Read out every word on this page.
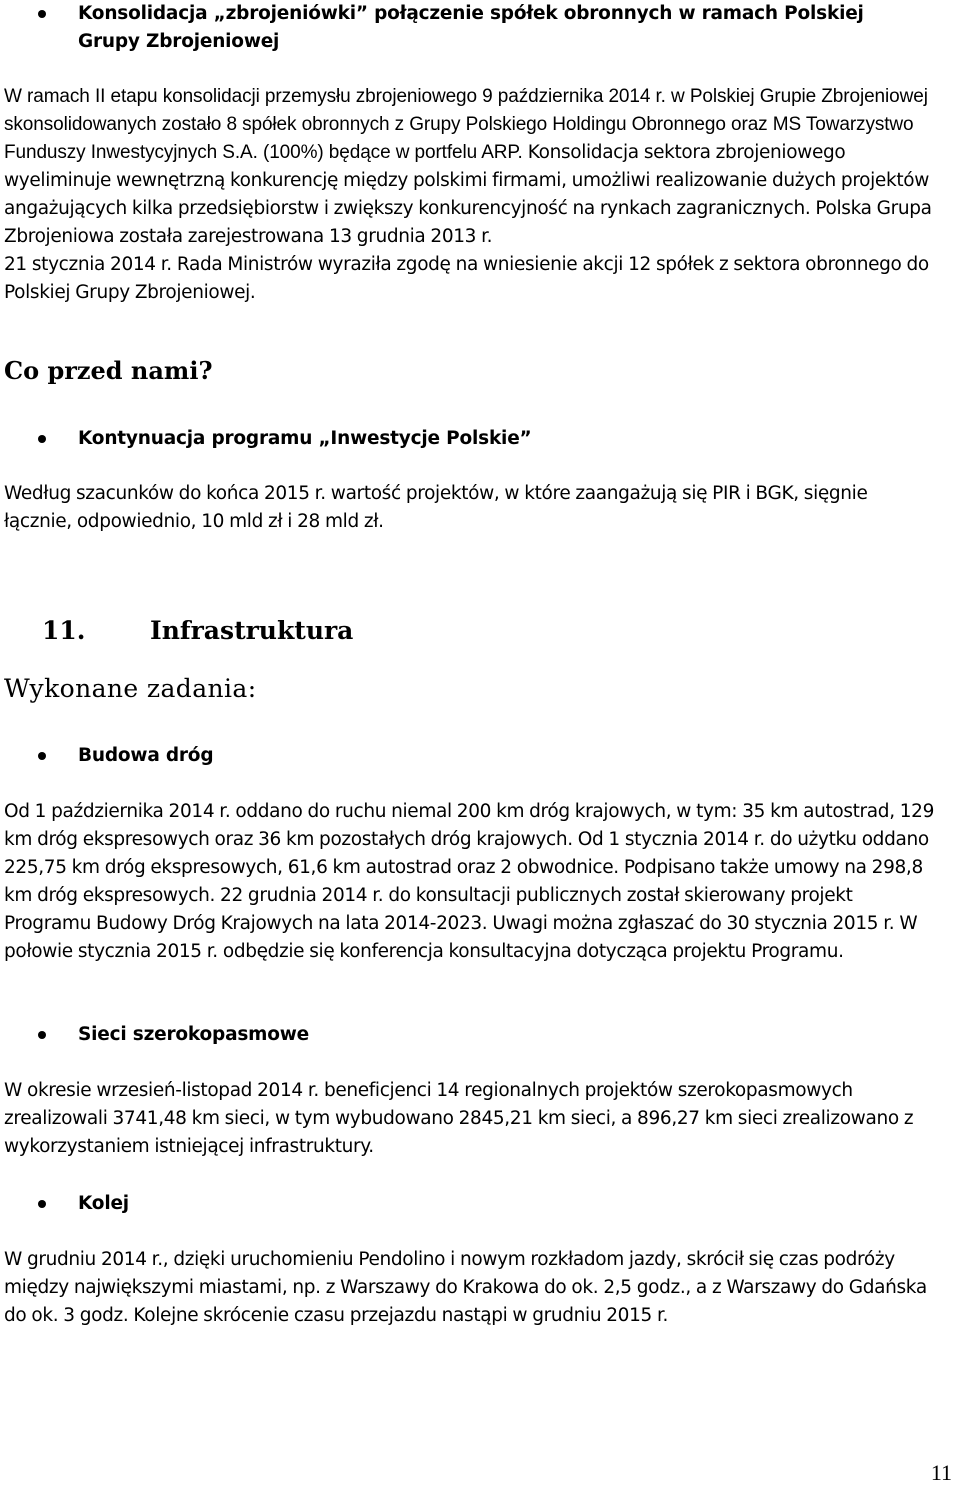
Konsolidacja „zbrojeniówki” połączenie spółek obronnych w ramach Polskiej Grupy Zbrojeniowej
W ramach II etapu konsolidacji przemysłu zbrojeniowego 9 października 2014 r. w Polskiej Grupie Zbrojeniowej skonsolidowanych zostało 8 spółek obronnych z Grupy Polskiego Holdingu Obronnego oraz MS Towarzystwo Funduszy Inwestycyjnych S.A. (100%) będące w portfelu ARP. Konsolidacja sektora zbrojeniowego wyeliminuje wewnętrzną konkurencję między polskimi firmami, umożliwi realizowanie dużych projektów angażujących kilka przedsiębiorstw i zwiększy konkurencyjność na rynkach zagranicznych. Polska Grupa Zbrojeniowa została zarejestrowana 13 grudnia 2013 r.
21 stycznia 2014 r. Rada Ministrów wyraziła zgodę na wniesienie akcji 12 spółek z sektora obronnego do Polskiej Grupy Zbrojeniowej.
Co przed nami?
Kontynuacja programu „Inwestycje Polskie”
Według szacunków do końca 2015 r. wartość projektów, w które zaangażują się PIR i BGK, sięgnie łącznie, odpowiednio, 10 mld zł i 28 mld zł.
11.	Infrastruktura
Wykonane zadania:
Budowa dróg
Od 1 października 2014 r. oddano do ruchu niemal 200 km dróg krajowych, w tym: 35 km autostrad, 129 km dróg ekspresowych oraz 36 km pozostałych dróg krajowych. Od 1 stycznia 2014 r. do użytku oddano 225,75 km dróg ekspresowych, 61,6 km autostrad oraz 2 obwodnice. Podpisano także umowy na 298,8 km dróg ekspresowych. 22 grudnia 2014 r. do konsultacji publicznych został skierowany projekt Programu Budowy Dróg Krajowych na lata 2014-2023. Uwagi można zgłaszać do 30 stycznia 2015 r. W połowie stycznia 2015 r. odbędzie się konferencja konsultacyjna dotycząca projektu Programu.
Sieci szerokopasmowe
W okresie wrzesień-listopad 2014 r. beneficjenci 14 regionalnych projektów szerokopasmowych zrealizowali 3741,48 km sieci, w tym wybudowano 2845,21 km sieci, a 896,27 km sieci zrealizowano z wykorzystaniem istniejącej infrastruktury.
Kolej
W grudniu 2014 r., dzięki uruchomieniu Pendolino i nowym rozkładom jazdy, skrócił się czas podróży między największymi miastami, np. z Warszawy do Krakowa do ok. 2,5 godz., a z Warszawy do Gdańska do ok. 3 godz. Kolejne skrócenie czasu przejazdu nastąpi w grudniu 2015 r.
11
